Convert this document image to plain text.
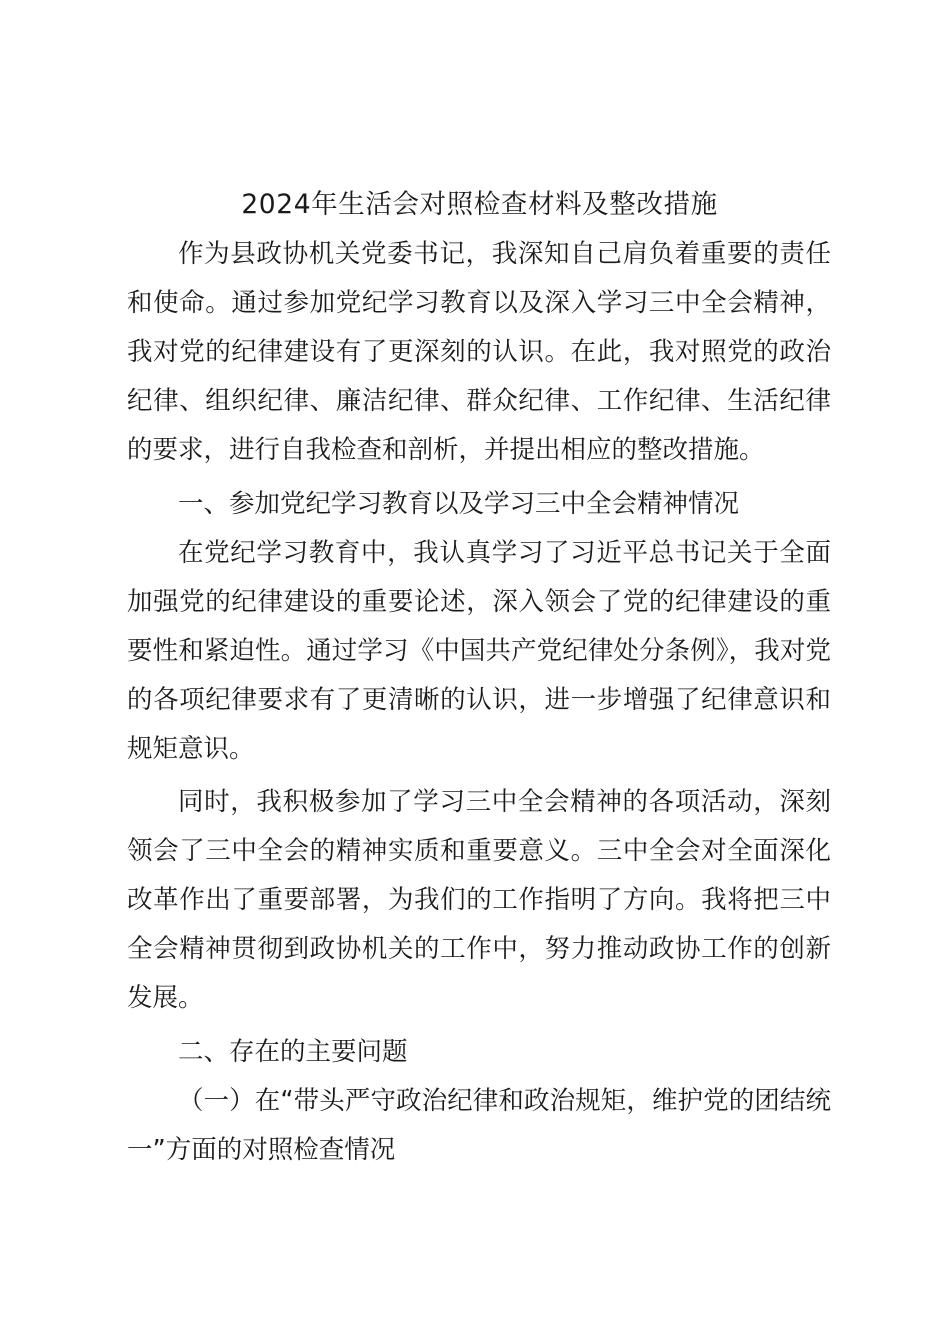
2024年生活会对照检查材料及整改措施

作为县政协机关党委书记，我深知自己肩负着重要的责任和使命。通过参加党纪学习教育以及深入学习三中全会精神，我对党的纪律建设有了更深刻的认识。在此，我对照党的政治纪律、组织纪律、廉洁纪律、群众纪律、工作纪律、生活纪律的要求，进行自我检查和剖析，并提出相应的整改措施。

一、参加党纪学习教育以及学习三中全会精神情况

在党纪学习教育中，我认真学习了习近平总书记关于全面加强党的纪律建设的重要论述，深入领会了党的纪律建设的重要性和紧迫性。通过学习《中国共产党纪律处分条例》，我对党的各项纪律要求有了更清晰的认识，进一步增强了纪律意识和规矩意识。

同时，我积极参加了学习三中全会精神的各项活动，深刻领会了三中全会的精神实质和重要意义。三中全会对全面深化改革作出了重要部署，为我们的工作指明了方向。我将把三中全会精神贯彻到政协机关的工作中，努力推动政协工作的创新发展。

二、存在的主要问题

（一）在“带头严守政治纪律和政治规矩，维护党的团结统一”方面的对照检查情况
